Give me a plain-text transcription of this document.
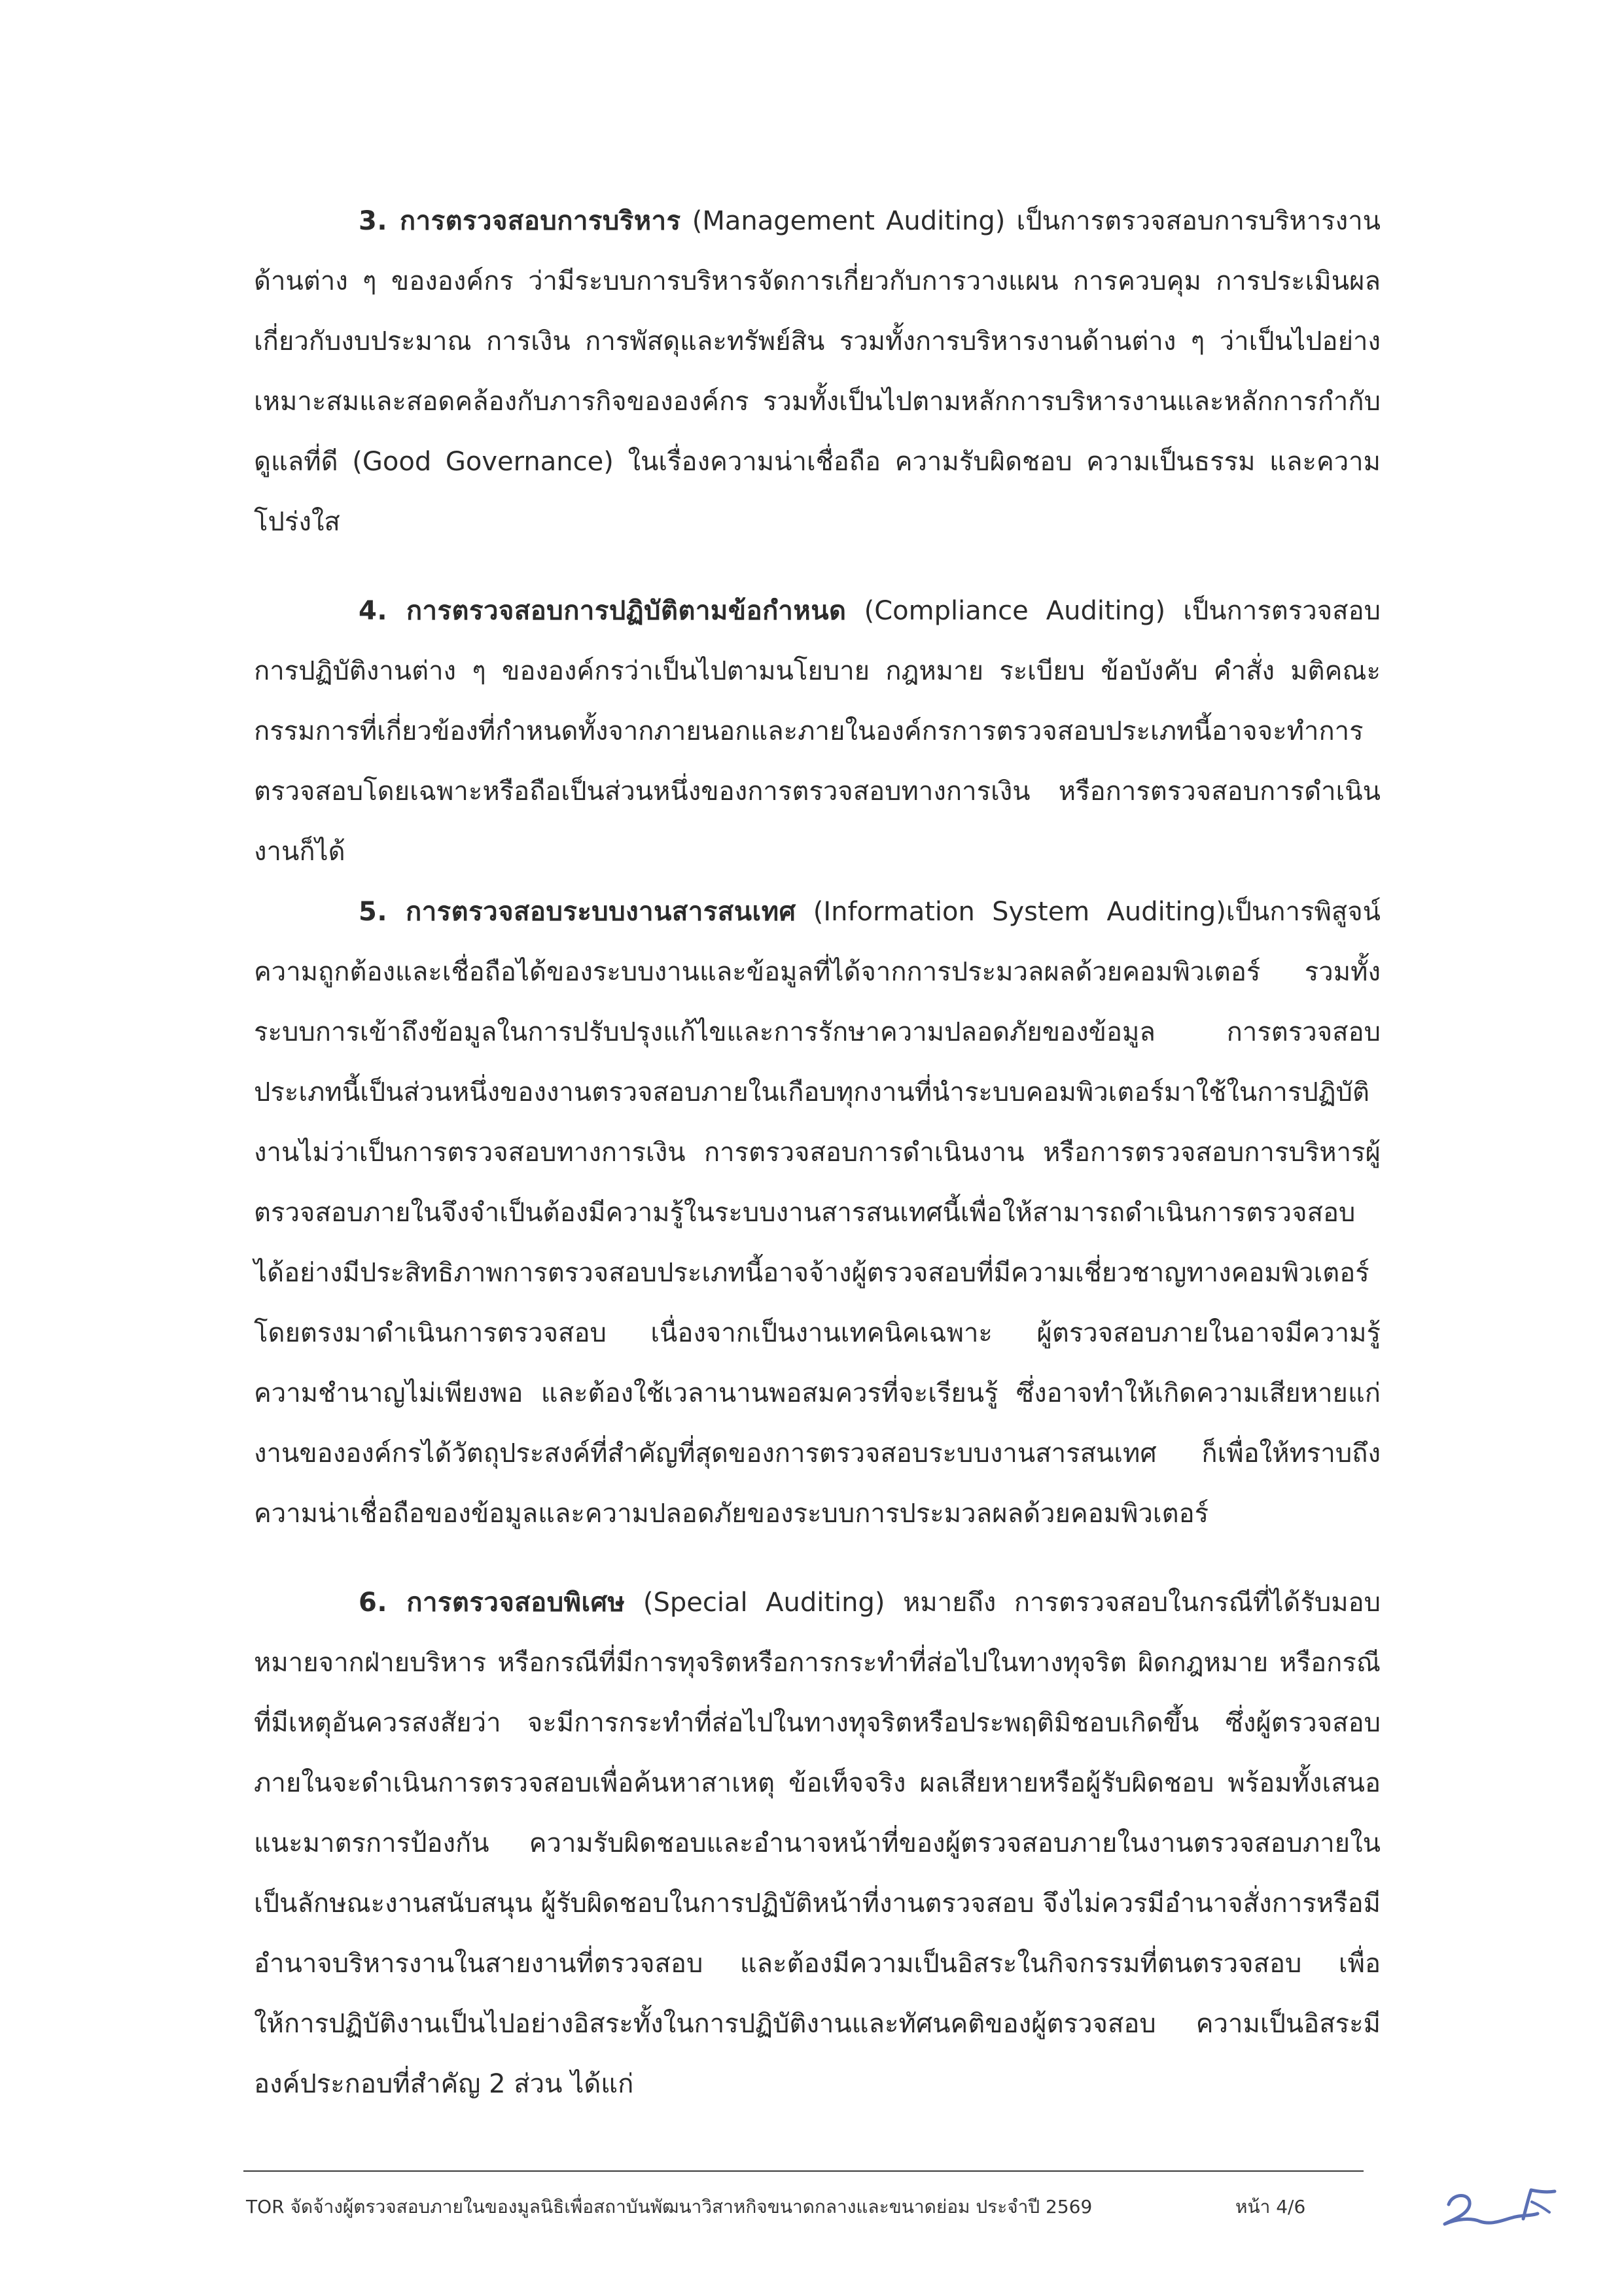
3. การตรวจสอบการบริหาร (Management Auditing) เป็นการตรวจสอบการบริหารงานด้านต่าง ๆ ขององค์กร ว่ามีระบบการบริหารจัดการเกี่ยวกับการวางแผน การควบคุม การประเมินผลเกี่ยวกับงบประมาณ การเงิน การพัสดุและทรัพย์สิน รวมทั้งการบริหารงานด้านต่าง ๆ ว่าเป็นไปอย่างเหมาะสมและสอดคล้องกับภารกิจขององค์กร รวมทั้งเป็นไปตามหลักการบริหารงานและหลักการกำกับดูแลที่ดี (Good Governance) ในเรื่องความน่าเชื่อถือ ความรับผิดชอบ ความเป็นธรรม และความโปร่งใส

4. การตรวจสอบการปฏิบัติตามข้อกำหนด (Compliance Auditing) เป็นการตรวจสอบการปฏิบัติงานต่าง ๆ ขององค์กรว่าเป็นไปตามนโยบาย กฎหมาย ระเบียบ ข้อบังคับ คำสั่ง มติคณะกรรมการที่เกี่ยวข้องที่กำหนดทั้งจากภายนอกและภายในองค์กรการตรวจสอบประเภทนี้อาจจะทำการตรวจสอบโดยเฉพาะหรือถือเป็นส่วนหนึ่งของการตรวจสอบทางการเงิน หรือการตรวจสอบการดำเนินงานก็ได้

5. การตรวจสอบระบบงานสารสนเทศ (Information System Auditing)เป็นการพิสูจน์ความถูกต้องและเชื่อถือได้ของระบบงานและข้อมูลที่ได้จากการประมวลผลด้วยคอมพิวเตอร์ รวมทั้งระบบการเข้าถึงข้อมูลในการปรับปรุงแก้ไขและการรักษาความปลอดภัยของข้อมูล การตรวจสอบประเภทนี้เป็นส่วนหนึ่งของงานตรวจสอบภายในเกือบทุกงานที่นำระบบคอมพิวเตอร์มาใช้ในการปฏิบัติงานไม่ว่าเป็นการตรวจสอบทางการเงิน การตรวจสอบการดำเนินงาน หรือการตรวจสอบการบริหารผู้ตรวจสอบภายในจึงจำเป็นต้องมีความรู้ในระบบงานสารสนเทศนี้เพื่อให้สามารถดำเนินการตรวจสอบได้อย่างมีประสิทธิภาพการตรวจสอบประเภทนี้อาจจ้างผู้ตรวจสอบที่มีความเชี่ยวชาญทางคอมพิวเตอร์โดยตรงมาดำเนินการตรวจสอบ เนื่องจากเป็นงานเทคนิคเฉพาะ ผู้ตรวจสอบภายในอาจมีความรู้ ความชำนาญไม่เพียงพอ และต้องใช้เวลานานพอสมควรที่จะเรียนรู้ ซึ่งอาจทำให้เกิดความเสียหายแก่งานขององค์กรได้วัตถุประสงค์ที่สำคัญที่สุดของการตรวจสอบระบบงานสารสนเทศ ก็เพื่อให้ทราบถึงความน่าเชื่อถือของข้อมูลและความปลอดภัยของระบบการประมวลผลด้วยคอมพิวเตอร์

6. การตรวจสอบพิเศษ (Special Auditing) หมายถึง การตรวจสอบในกรณีที่ได้รับมอบหมายจากฝ่ายบริหาร หรือกรณีที่มีการทุจริตหรือการกระทำที่ส่อไปในทางทุจริต ผิดกฎหมาย หรือกรณีที่มีเหตุอันควรสงสัยว่า จะมีการกระทำที่ส่อไปในทางทุจริตหรือประพฤติมิชอบเกิดขึ้น ซึ่งผู้ตรวจสอบภายในจะดำเนินการตรวจสอบเพื่อค้นหาสาเหตุ ข้อเท็จจริง ผลเสียหายหรือผู้รับผิดชอบ พร้อมทั้งเสนอแนะมาตรการป้องกัน ความรับผิดชอบและอำนาจหน้าที่ของผู้ตรวจสอบภายในงานตรวจสอบภายในเป็นลักษณะงานสนับสนุน ผู้รับผิดชอบในการปฏิบัติหน้าที่งานตรวจสอบ จึงไม่ควรมีอำนาจสั่งการหรือมีอำนาจบริหารงานในสายงานที่ตรวจสอบ และต้องมีความเป็นอิสระในกิจกรรมที่ตนตรวจสอบ เพื่อให้การปฏิบัติงานเป็นไปอย่างอิสระทั้งในการปฏิบัติงานและทัศนคติของผู้ตรวจสอบ ความเป็นอิสระมีองค์ประกอบที่สำคัญ 2 ส่วน ได้แก่

TOR จัดจ้างผู้ตรวจสอบภายในของมูลนิธิเพื่อสถาบันพัฒนาวิสาหกิจขนาดกลางและขนาดย่อม ประจำปี 2569	หน้า 4/6
